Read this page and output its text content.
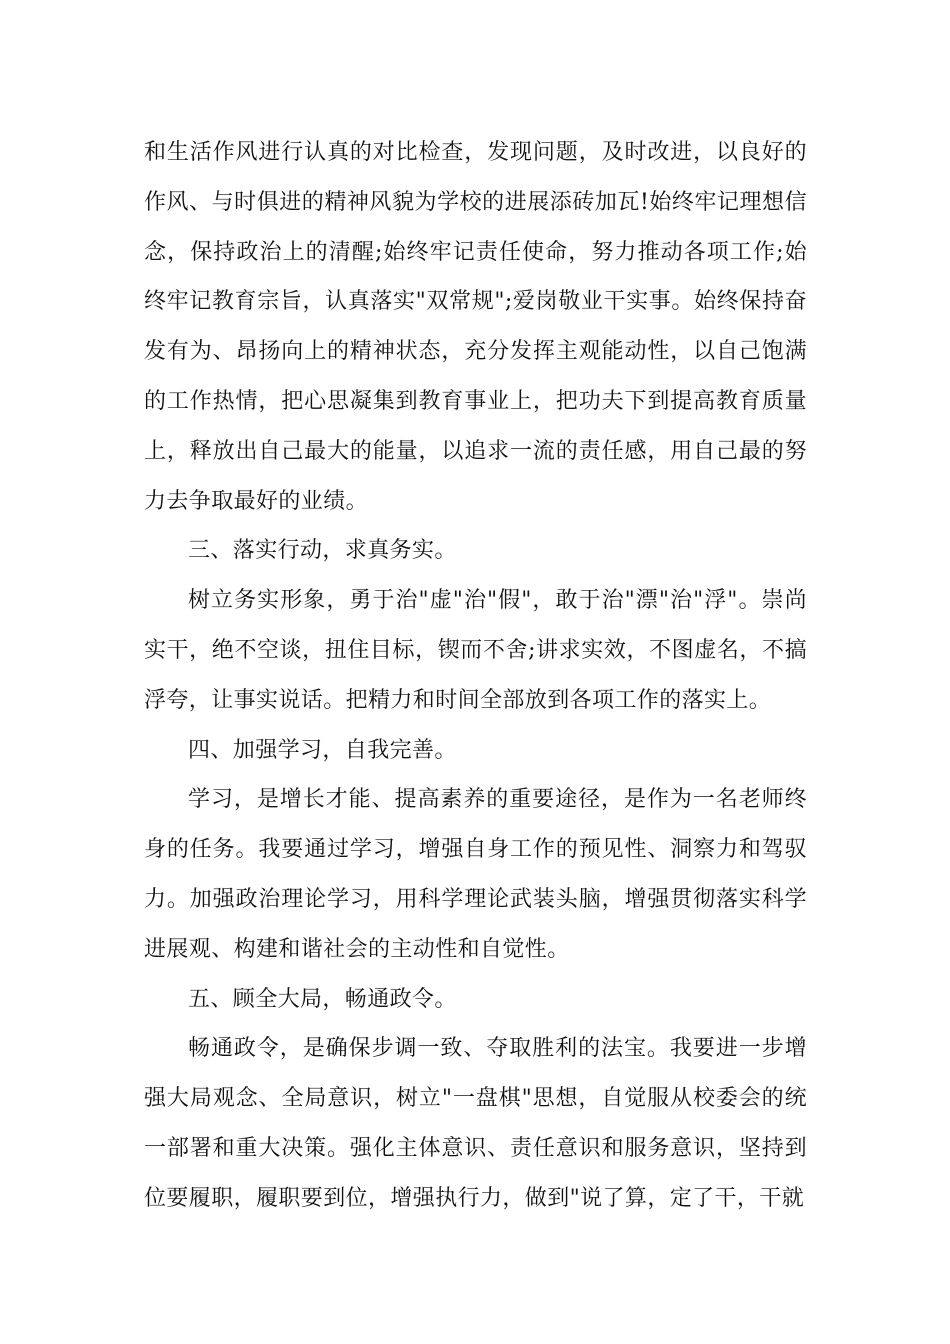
和生活作风进行认真的对比检查，发现问题，及时改进，以良好的作风、与时俱进的精神风貌为学校的进展添砖加瓦!始终牢记理想信念，保持政治上的清醒;始终牢记责任使命，努力推动各项工作;始终牢记教育宗旨，认真落实"双常规";爱岗敬业干实事。始终保持奋发有为、昂扬向上的精神状态，充分发挥主观能动性，以自己饱满的工作热情，把心思凝集到教育事业上，把功夫下到提高教育质量上，释放出自己最大的能量，以追求一流的责任感，用自己最的努力去争取最好的业绩。

三、落实行动，求真务实。

树立务实形象，勇于治"虚"治"假"，敢于治"漂"治"浮"。崇尚实干，绝不空谈，扭住目标，锲而不舍;讲求实效，不图虚名，不搞浮夸，让事实说话。把精力和时间全部放到各项工作的落实上。

四、加强学习，自我完善。

学习，是增长才能、提高素养的重要途径，是作为一名老师终身的任务。我要通过学习，增强自身工作的预见性、洞察力和驾驭力。加强政治理论学习，用科学理论武装头脑，增强贯彻落实科学进展观、构建和谐社会的主动性和自觉性。

五、顾全大局，畅通政令。

畅通政令，是确保步调一致、夺取胜利的法宝。我要进一步增强大局观念、全局意识，树立"一盘棋"思想，自觉服从校委会的统一部署和重大决策。强化主体意识、责任意识和服务意识，坚持到位要履职，履职要到位，增强执行力，做到"说了算，定了干，干就
